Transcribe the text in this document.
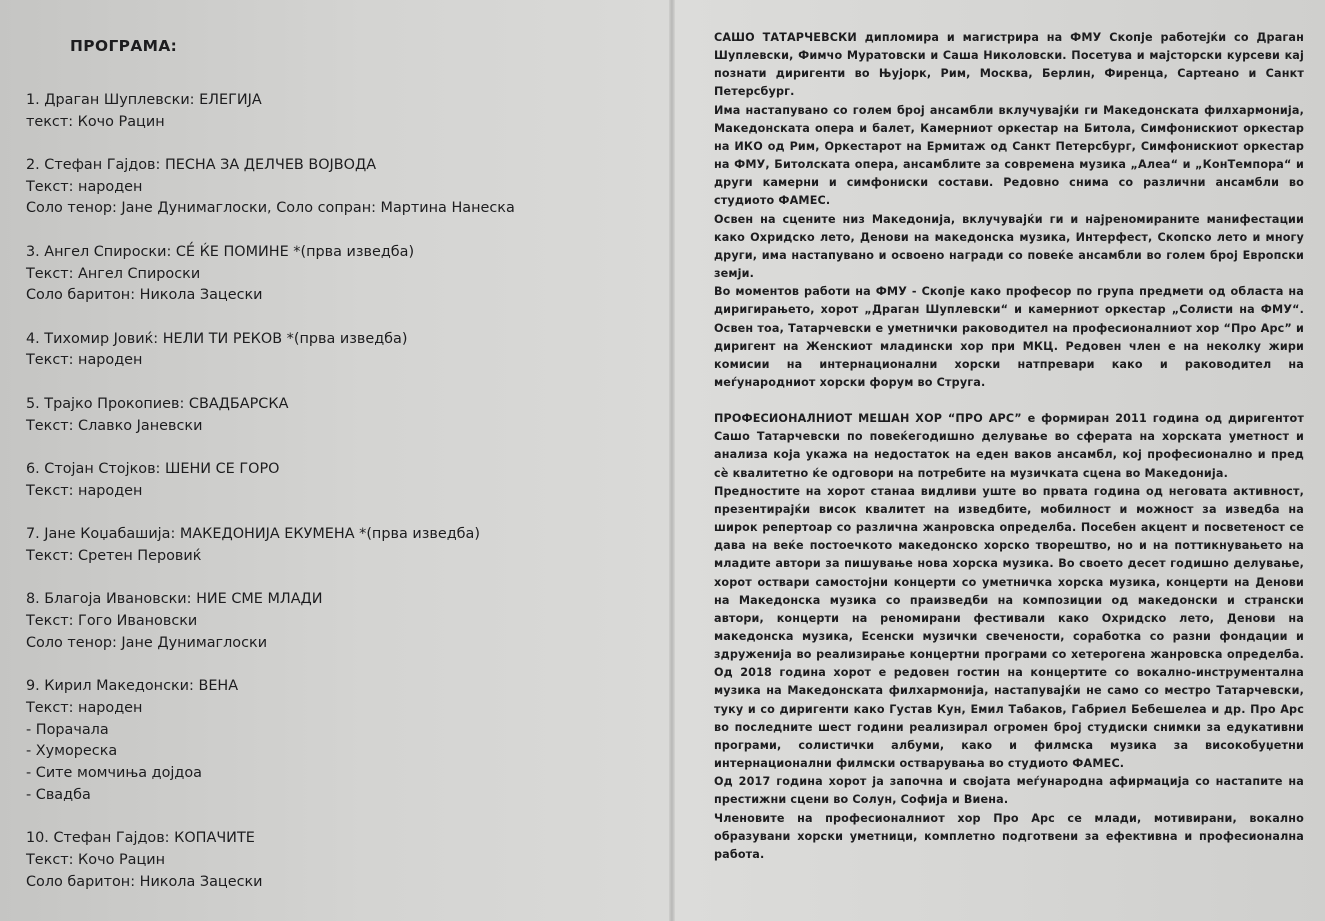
ПРОГРАМА:
1. Драган Шуплевски: ЕЛЕГИЈА
текст: Кочо Рацин
2. Стефан Гајдов: ПЕСНА ЗА ДЕЛЧЕВ ВОЈВОДА
Текст: народен
Соло тенор: Јане Дунимаглоски, Соло сопран: Мартина Нанеска
3. Ангел Спироски: СЕ́ ЌЕ ПОМИНЕ *(прва изведба)
Текст: Ангел Спироски
Соло баритон: Никола Зацески
4. Тихомир Јовиќ: НЕЛИ ТИ РЕКОВ *(прва изведба)
Текст: народен
5. Трајко Прокопиев: СВАДБАРСКА
Текст: Славко Јаневски
6. Стојан Стојков: ШЕНИ СЕ ГОРО
Текст: народен
7. Јане Коџабашија: МАКЕДОНИЈА ЕКУМЕНА *(прва изведба)
Текст: Сретен Перовиќ
8. Благоја Ивановски: НИЕ СМЕ МЛАДИ
Текст: Гого Ивановски
Соло тенор: Јане Дунимаглоски
9. Кирил Македонски: ВЕНА
Текст: народен
- Порачала
- Хумореска
- Сите момчиња дојдоа
- Свадба
10. Стефан Гајдов: КОПАЧИТЕ
Текст: Кочо Рацин
Соло баритон: Никола Зацески

САШО ТАТАРЧЕВСКИ дипломира и магистрира на ФМУ Скопје работејќи со Драган Шуплевски, Фимчо Муратовски и Саша Николовски. Посетува и мајсторски курсеви кај познати диригенти во Њујорк, Рим, Москва, Берлин, Фиренца, Сартеано и Санкт Петерсбург.

Има настапувано со голем број ансамбли вклучувајќи ги Македонската филхармонија, Македонската опера и балет, Камерниот оркестар на Битола, Симфонискиот оркестар на ИКО од Рим, Оркестарот на Ермитаж од Санкт Петерсбург, Симфонискиот оркестар на ФМУ, Битолската опера, ансамблите за современа музика „Алеа“ и „КонТемпора“ и други камерни и симфониски состави. Редовно снима со различни ансамбли во студиото ФАМЕС.

Освен на сцените низ Македонија, вклучувајќи ги и најреномираните манифестации како Охридско лето, Денови на македонска музика, Интерфест, Скопско лето и многу други, има настапувано и освоено награди со повеќе ансамбли во голем број Европски земји.

Во моментов работи на ФМУ - Скопје како професор по група предмети од областа на диригирањето, хорот „Драган Шуплевски“ и камерниот оркестар „Солисти на ФМУ“. Освен тоа, Татарчевски е уметнички раководител на професионалниот хор “Про Арс” и диригент на Женскиот младински хор при МКЦ. Редовен член е на неколку жири комисии на интернационални хорски натпревари како и раководител на меѓународниот хорски форум во Струга.

ПРОФЕСИОНАЛНИОТ МЕШАН ХОР “ПРО АРС” е формиран 2011 година од диригентот Сашо Татарчевски по повеќегодишно делување во сферата на хорската уметност и анализа која укажа на недостаток на еден ваков ансамбл, кој професионално и пред сѐ квалитетно ќе одговори на потребите на музичката сцена во Македонија.

Предностите на хорот станаа видливи уште во првата година од неговата активност, презентирајќи висок квалитет на изведбите, мобилност и можност за изведба на широк репертоар со различна жанровска определба. Посебен акцент и посветеност се дава на веќе постоечкото македонско хорско творештво, но и на поттикнувањето на младите автори за пишување нова хорска музика. Во своето десет годишно делување, хорот оствари самостојни концерти со уметничка хорска музика, концерти на Денови на Македонска музика со праизведби на композиции од македонски и странски автори, концерти на реномирани фестивали како Охридско лето, Денови на македонска музика, Есенски музички свечености, соработка со разни фондации и здруженија во реализирање концертни програми со хетерогена жанровска определба. Од 2018 година хорот е редовен гостин на концертите со вокално-инструментална музика на Македонската филхармонија, настапувајќи не само со местро Татарчевски, туку и со диригенти како Густав Кун, Емил Табаков, Габриел Бебешелеа и др. Про Арс во последните шест години реализирал огромен број студиски снимки за едукативни програми, солистички албуми, како и филмска музика за високобуџетни интернационални филмски остварувања во студиото ФАМЕС.

Од 2017 година хорот ја започна и својата меѓународна афирмација со настапите на престижни сцени во Солун, Софија и Виена.

Членовите на професионалниот хор Про Арс се млади, мотивирани, вокално образувани хорски уметници, комплетно подготвени за ефективна и професионална работа.
